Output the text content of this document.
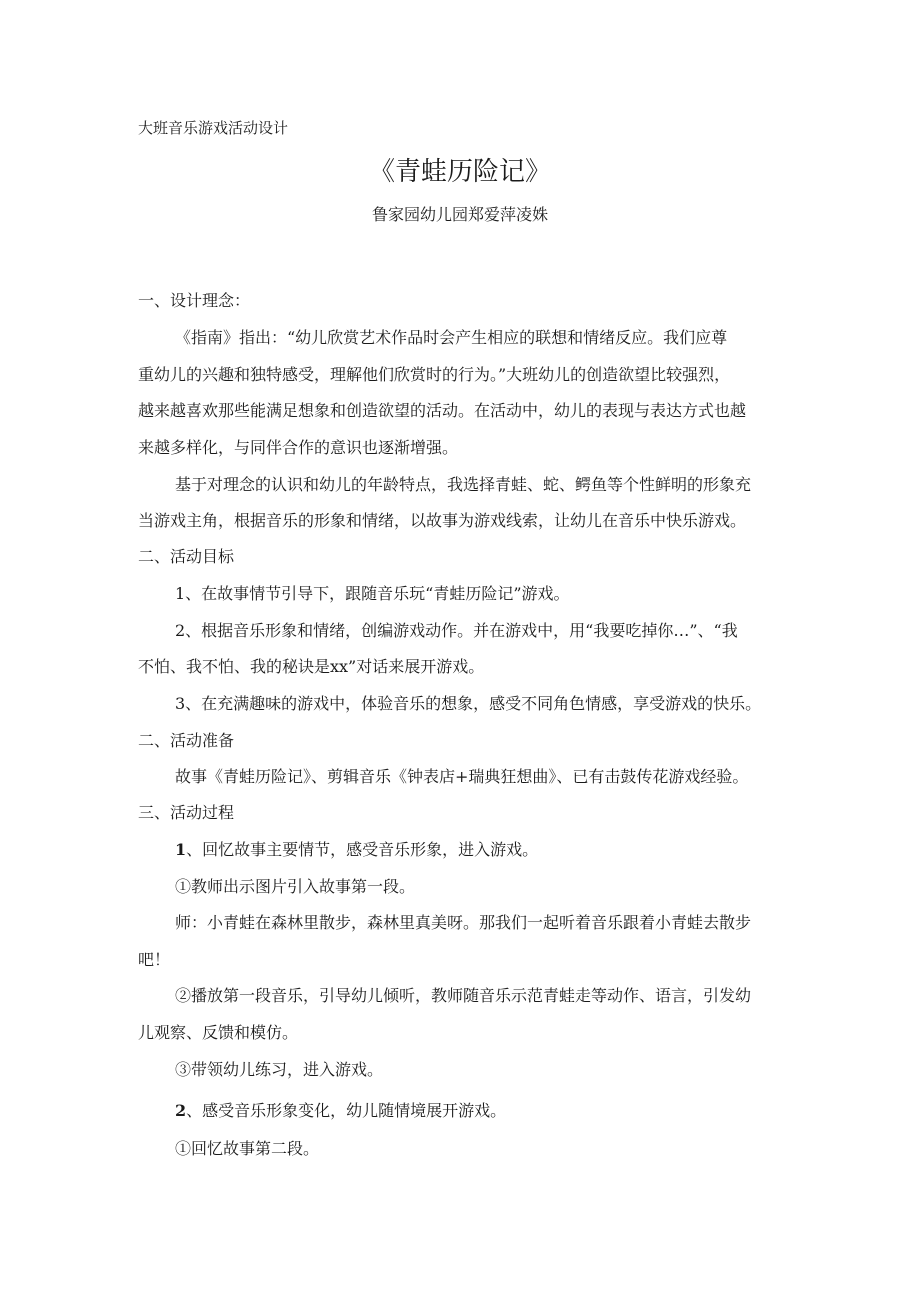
大班音乐游戏活动设计
《青蛙历险记》
鲁家园幼儿园郑爱萍凌姝
一、设计理念：
《指南》指出：“幼儿欣赏艺术作品时会产生相应的联想和情绪反应。我们应尊
重幼儿的兴趣和独特感受，理解他们欣赏时的行为。”大班幼儿的创造欲望比较强烈，
越来越喜欢那些能满足想象和创造欲望的活动。在活动中，幼儿的表现与表达方式也越
来越多样化，与同伴合作的意识也逐渐增强。
基于对理念的认识和幼儿的年龄特点，我选择青蛙、蛇、鳄鱼等个性鲜明的形象充
当游戏主角，根据音乐的形象和情绪，以故事为游戏线索，让幼儿在音乐中快乐游戏。
二、活动目标
1、在故事情节引导下，跟随音乐玩“青蛙历险记”游戏。
2、根据音乐形象和情绪，创编游戏动作。并在游戏中，用“我要吃掉你…”、“我
不怕、我不怕、我的秘诀是xx”对话来展开游戏。
3、在充满趣味的游戏中，体验音乐的想象，感受不同角色情感，享受游戏的快乐。
二、活动准备
故事《青蛙历险记》、剪辑音乐《钟表店+瑞典狂想曲》、已有击鼓传花游戏经验。
三、活动过程
1、回忆故事主要情节，感受音乐形象，进入游戏。
①教师出示图片引入故事第一段。
师：小青蛙在森林里散步，森林里真美呀。那我们一起听着音乐跟着小青蛙去散步
吧！
②播放第一段音乐，引导幼儿倾听，教师随音乐示范青蛙走等动作、语言，引发幼
儿观察、反馈和模仿。
③带领幼儿练习，进入游戏。
2、感受音乐形象变化，幼儿随情境展开游戏。
①回忆故事第二段。
